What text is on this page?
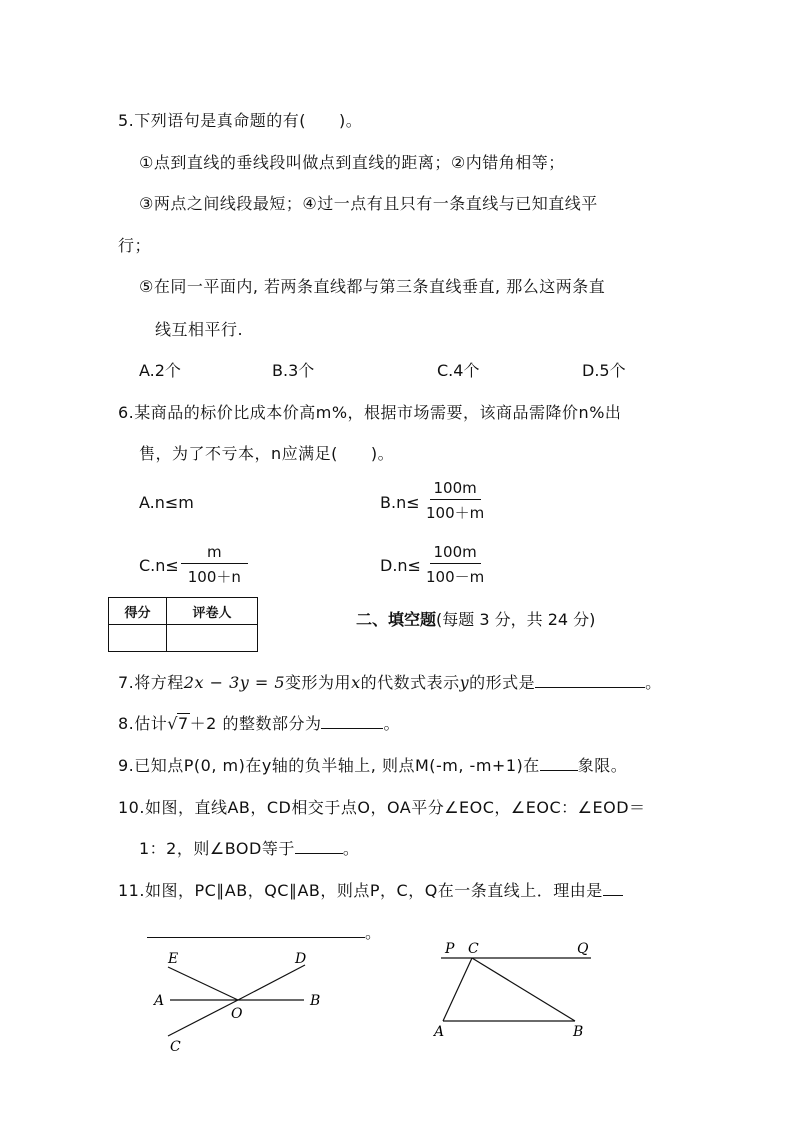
5.下列语句是真命题的有(　　)。
①点到直线的垂线段叫做点到直线的距离；②内错角相等；
③两点之间线段最短；④过一点有且只有一条直线与已知直线平
行；
⑤在同一平面内, 若两条直线都与第三条直线垂直, 那么这两条直
线互相平行.
A.2个	B.3个	C.4个	D.5个
6.某商品的标价比成本价高m%，根据市场需要，该商品需降价n%出
售，为了不亏本，n应满足(　　)。
A.n≤m	$B.n\le \frac{100m}{100+m}$
$C.n\le \frac{m}{100+n}$	$D.n\le \frac{100m}{100-m}$
得分	评卷人
		二、填空题(每题 3 分，共 24 分)
7.将方程2x − 3y = 5变形为用x的代数式表示y的形式是	。
8.估计√7＋2 的整数部分为	。
9.已知点P(0, m)在y轴的负半轴上, 则点M(-m, -m+1)在 象限。
10.如图，直线AB，CD相交于点O，OA平分∠EOC，∠EOC：∠EOD＝
1：2，则∠BOD等于	。
11.如图，PC∥AB，QC∥AB，则点P，C，Q在一条直线上．理由是
。
E	D
A	B
O
C
P C	Q
A	B
